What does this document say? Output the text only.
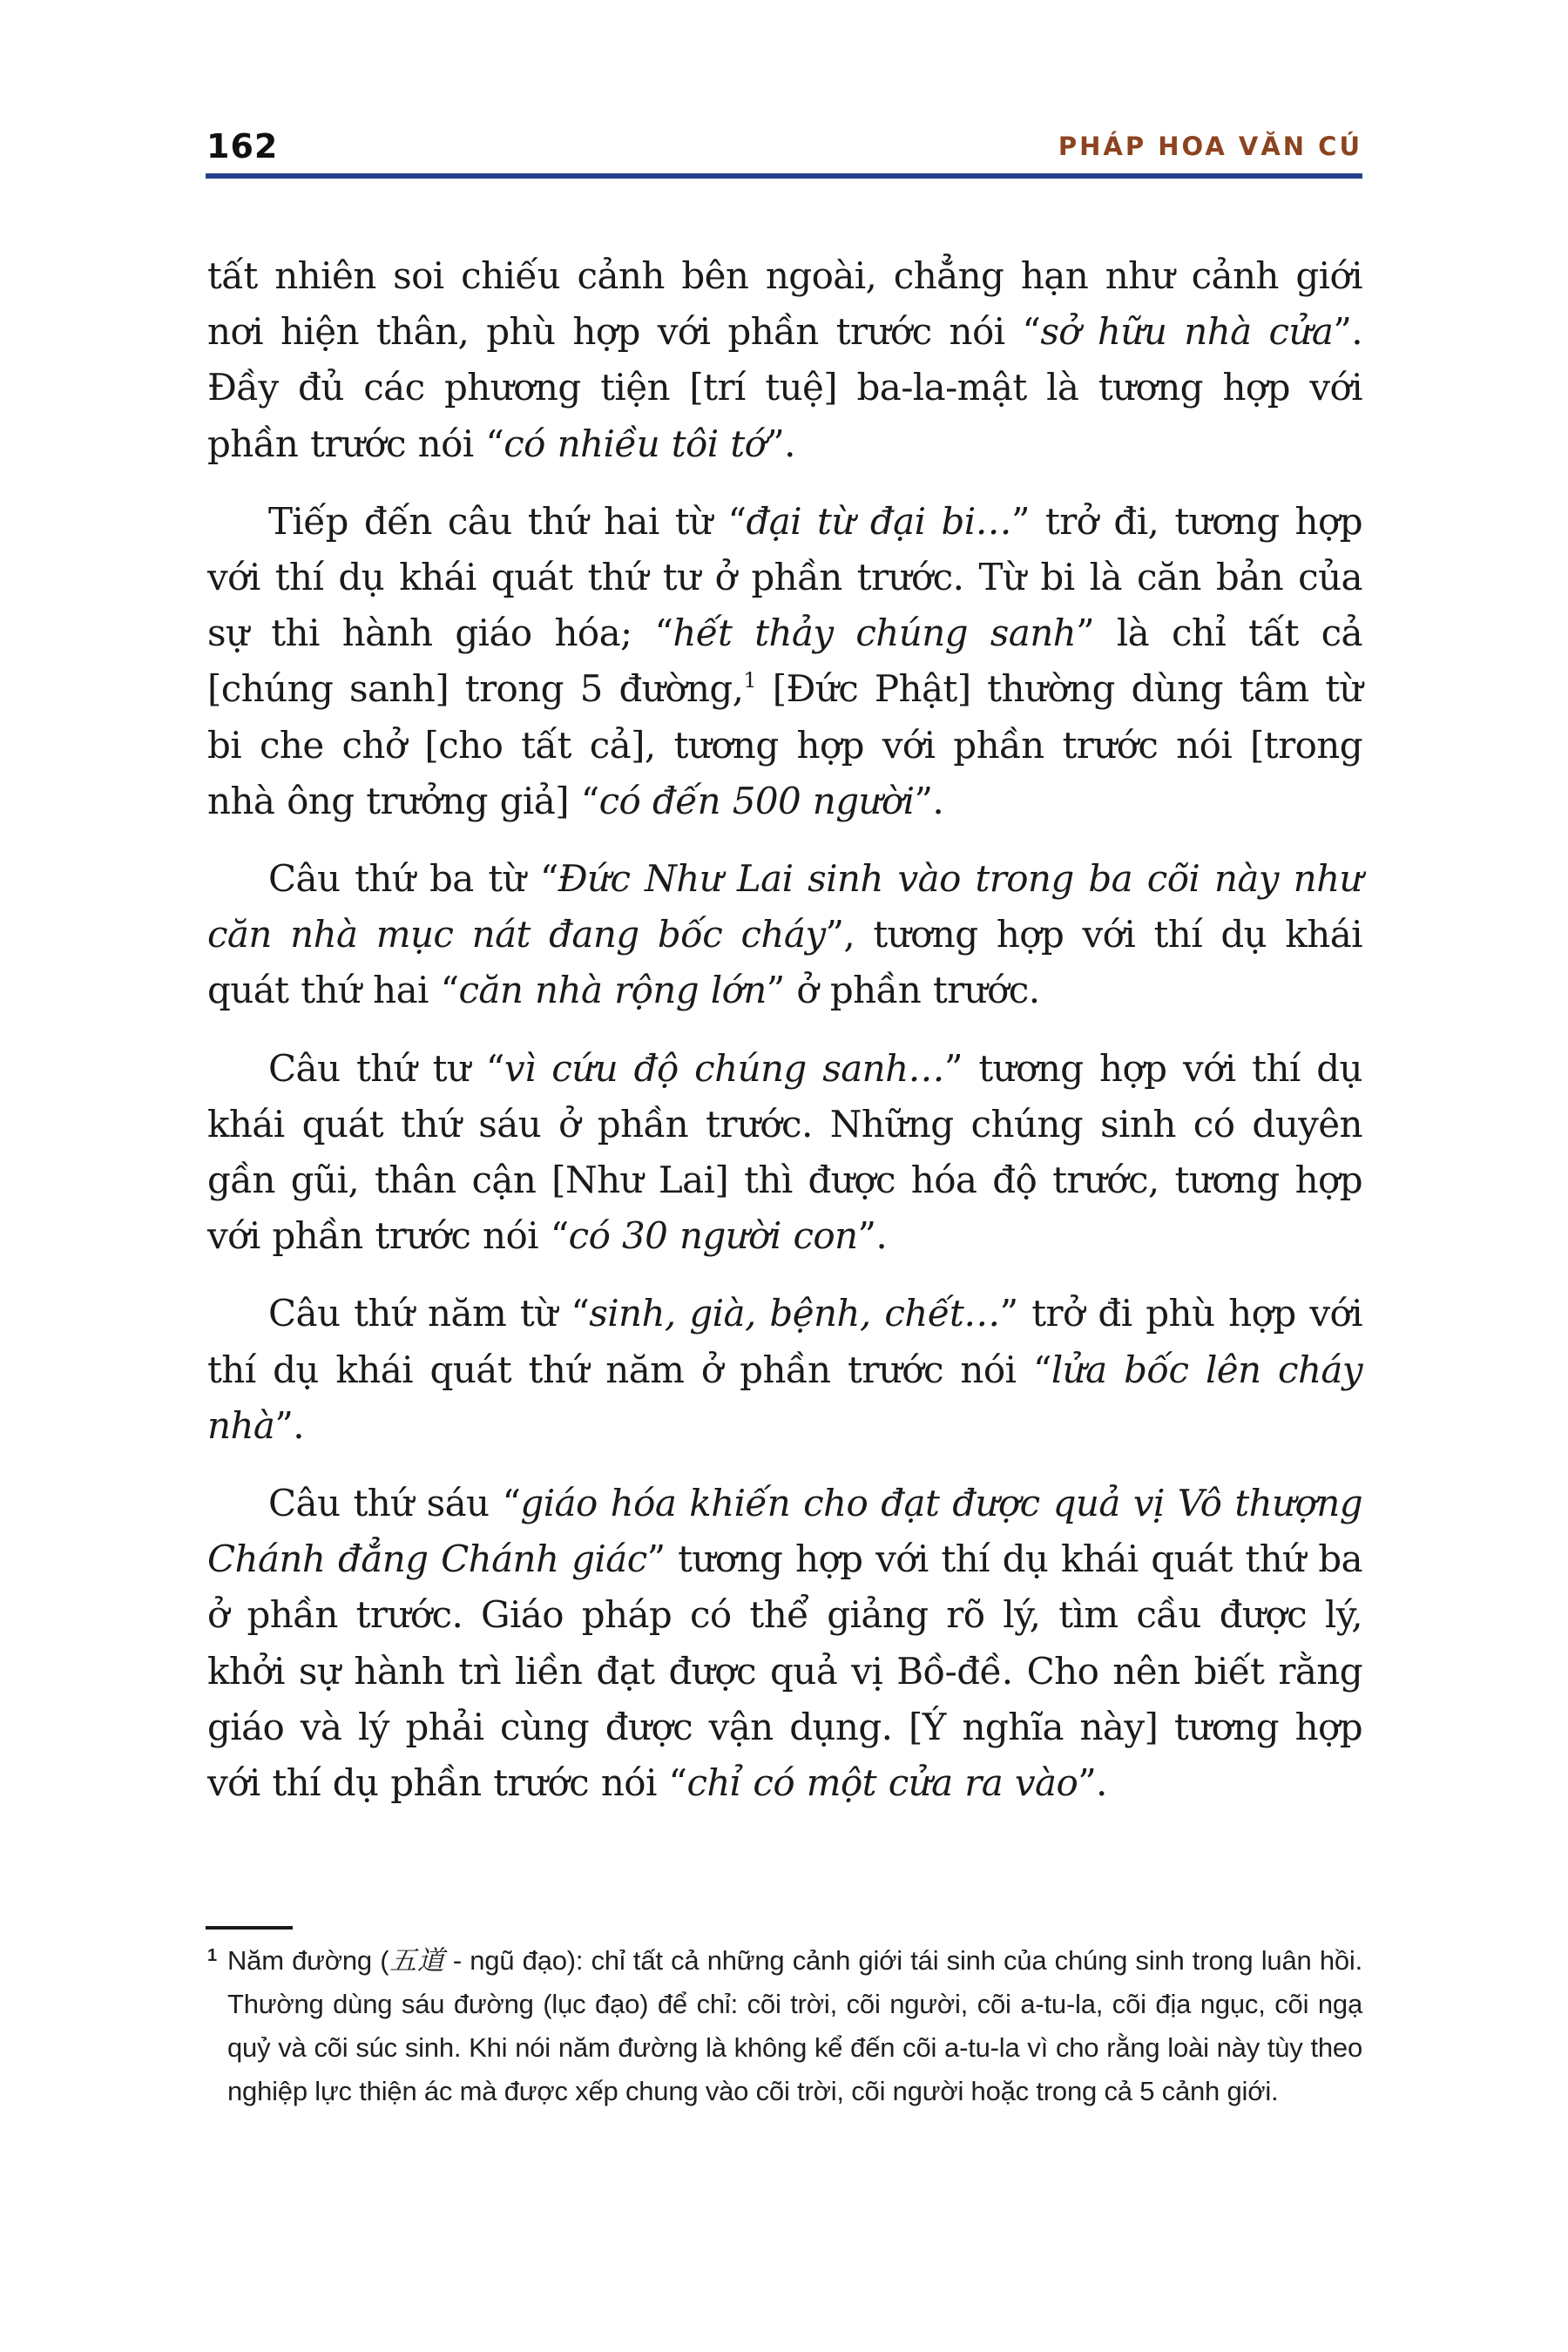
162	PHÁP HOA VĂN CÚ

tất nhiên soi chiếu cảnh bên ngoài, chẳng hạn như cảnh giới nơi hiện thân, phù hợp với phần trước nói “sở hữu nhà cửa”. Đầy đủ các phương tiện [trí tuệ] ba-la-mật là tương hợp với phần trước nói “có nhiều tôi tớ”.

Tiếp đến câu thứ hai từ “đại từ đại bi…” trở đi, tương hợp với thí dụ khái quát thứ tư ở phần trước. Từ bi là căn bản của sự thi hành giáo hóa; “hết thảy chúng sanh” là chỉ tất cả [chúng sanh] trong 5 đường,$^1$ [Đức Phật] thường dùng tâm từ bi che chở [cho tất cả], tương hợp với phần trước nói [trong nhà ông trưởng giả] “có đến 500 người”.

Câu thứ ba từ “Đức Như Lai sinh vào trong ba cõi này như căn nhà mục nát đang bốc cháy”, tương hợp với thí dụ khái quát thứ hai “căn nhà rộng lớn” ở phần trước.

Câu thứ tư “vì cứu độ chúng sanh…” tương hợp với thí dụ khái quát thứ sáu ở phần trước. Những chúng sinh có duyên gần gũi, thân cận [Như Lai] thì được hóa độ trước, tương hợp với phần trước nói “có 30 người con”.

Câu thứ năm từ “sinh, già, bệnh, chết…” trở đi phù hợp với thí dụ khái quát thứ năm ở phần trước nói “lửa bốc lên cháy nhà”.

Câu thứ sáu “giáo hóa khiến cho đạt được quả vị Vô thượng Chánh đẳng Chánh giác” tương hợp với thí dụ khái quát thứ ba ở phần trước. Giáo pháp có thể giảng rõ lý, tìm cầu được lý, khởi sự hành trì liền đạt được quả vị Bồ-đề. Cho nên biết rằng giáo và lý phải cùng được vận dụng. [Ý nghĩa này] tương hợp với thí dụ phần trước nói “chỉ có một cửa ra vào”.

1 Năm đường (五道 - ngũ đạo): chỉ tất cả những cảnh giới tái sinh của chúng sinh trong luân hồi. Thường dùng sáu đường (lục đạo) để chỉ: cõi trời, cõi người, cõi a-tu-la, cõi địa ngục, cõi ngạ quỷ và cõi súc sinh. Khi nói năm đường là không kể đến cõi a-tu-la vì cho rằng loài này tùy theo nghiệp lực thiện ác mà được xếp chung vào cõi trời, cõi người hoặc trong cả 5 cảnh giới.
